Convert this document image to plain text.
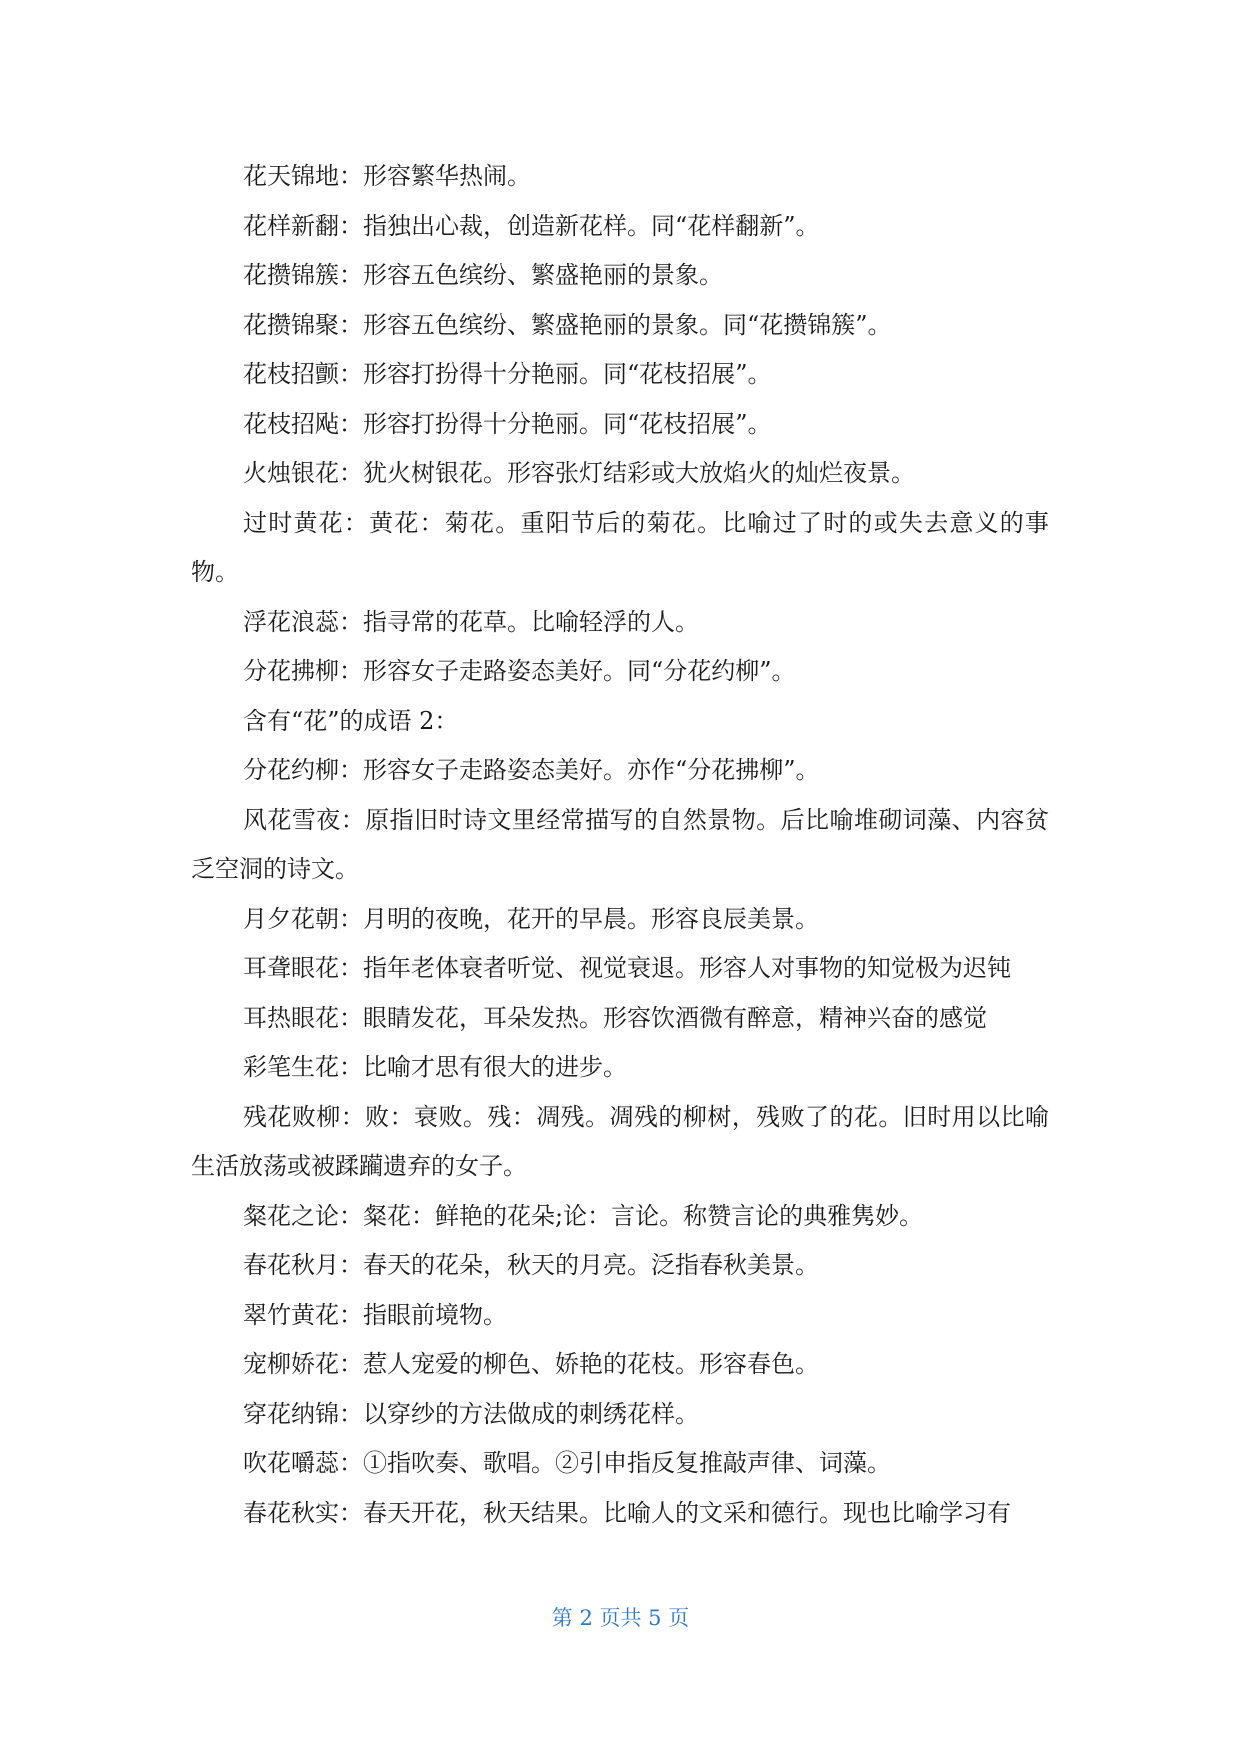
花天锦地：形容繁华热闹。

花样新翻：指独出心裁，创造新花样。同“花样翻新”。

花攒锦簇：形容五色缤纷、繁盛艳丽的景象。

花攒锦聚：形容五色缤纷、繁盛艳丽的景象。同“花攒锦簇”。

花枝招颤：形容打扮得十分艳丽。同“花枝招展”。

花枝招飐：形容打扮得十分艳丽。同“花枝招展”。

火烛银花：犹火树银花。形容张灯结彩或大放焰火的灿烂夜景。

过时黄花：黄花：菊花。重阳节后的菊花。比喻过了时的或失去意义的事物。

浮花浪蕊：指寻常的花草。比喻轻浮的人。

分花拂柳：形容女子走路姿态美好。同“分花约柳”。

含有“花”的成语 2：

分花约柳：形容女子走路姿态美好。亦作“分花拂柳”。

风花雪夜：原指旧时诗文里经常描写的自然景物。后比喻堆砌词藻、内容贫乏空洞的诗文。

月夕花朝：月明的夜晚，花开的早晨。形容良辰美景。

耳聋眼花：指年老体衰者听觉、视觉衰退。形容人对事物的知觉极为迟钝

耳热眼花：眼睛发花，耳朵发热。形容饮酒微有醉意，精神兴奋的感觉

彩笔生花：比喻才思有很大的进步。

残花败柳：败：衰败。残：凋残。凋残的柳树，残败了的花。旧时用以比喻生活放荡或被蹂躏遗弃的女子。

粲花之论：粲花：鲜艳的花朵;论：言论。称赞言论的典雅隽妙。

春花秋月：春天的花朵，秋天的月亮。泛指春秋美景。

翠竹黄花：指眼前境物。

宠柳娇花：惹人宠爱的柳色、娇艳的花枝。形容春色。

穿花纳锦：以穿纱的方法做成的刺绣花样。

吹花嚼蕊：①指吹奏、歌唱。②引申指反复推敲声律、词藻。

春花秋实：春天开花，秋天结果。比喻人的文采和德行。现也比喻学习有

第 2 页共 5 页
